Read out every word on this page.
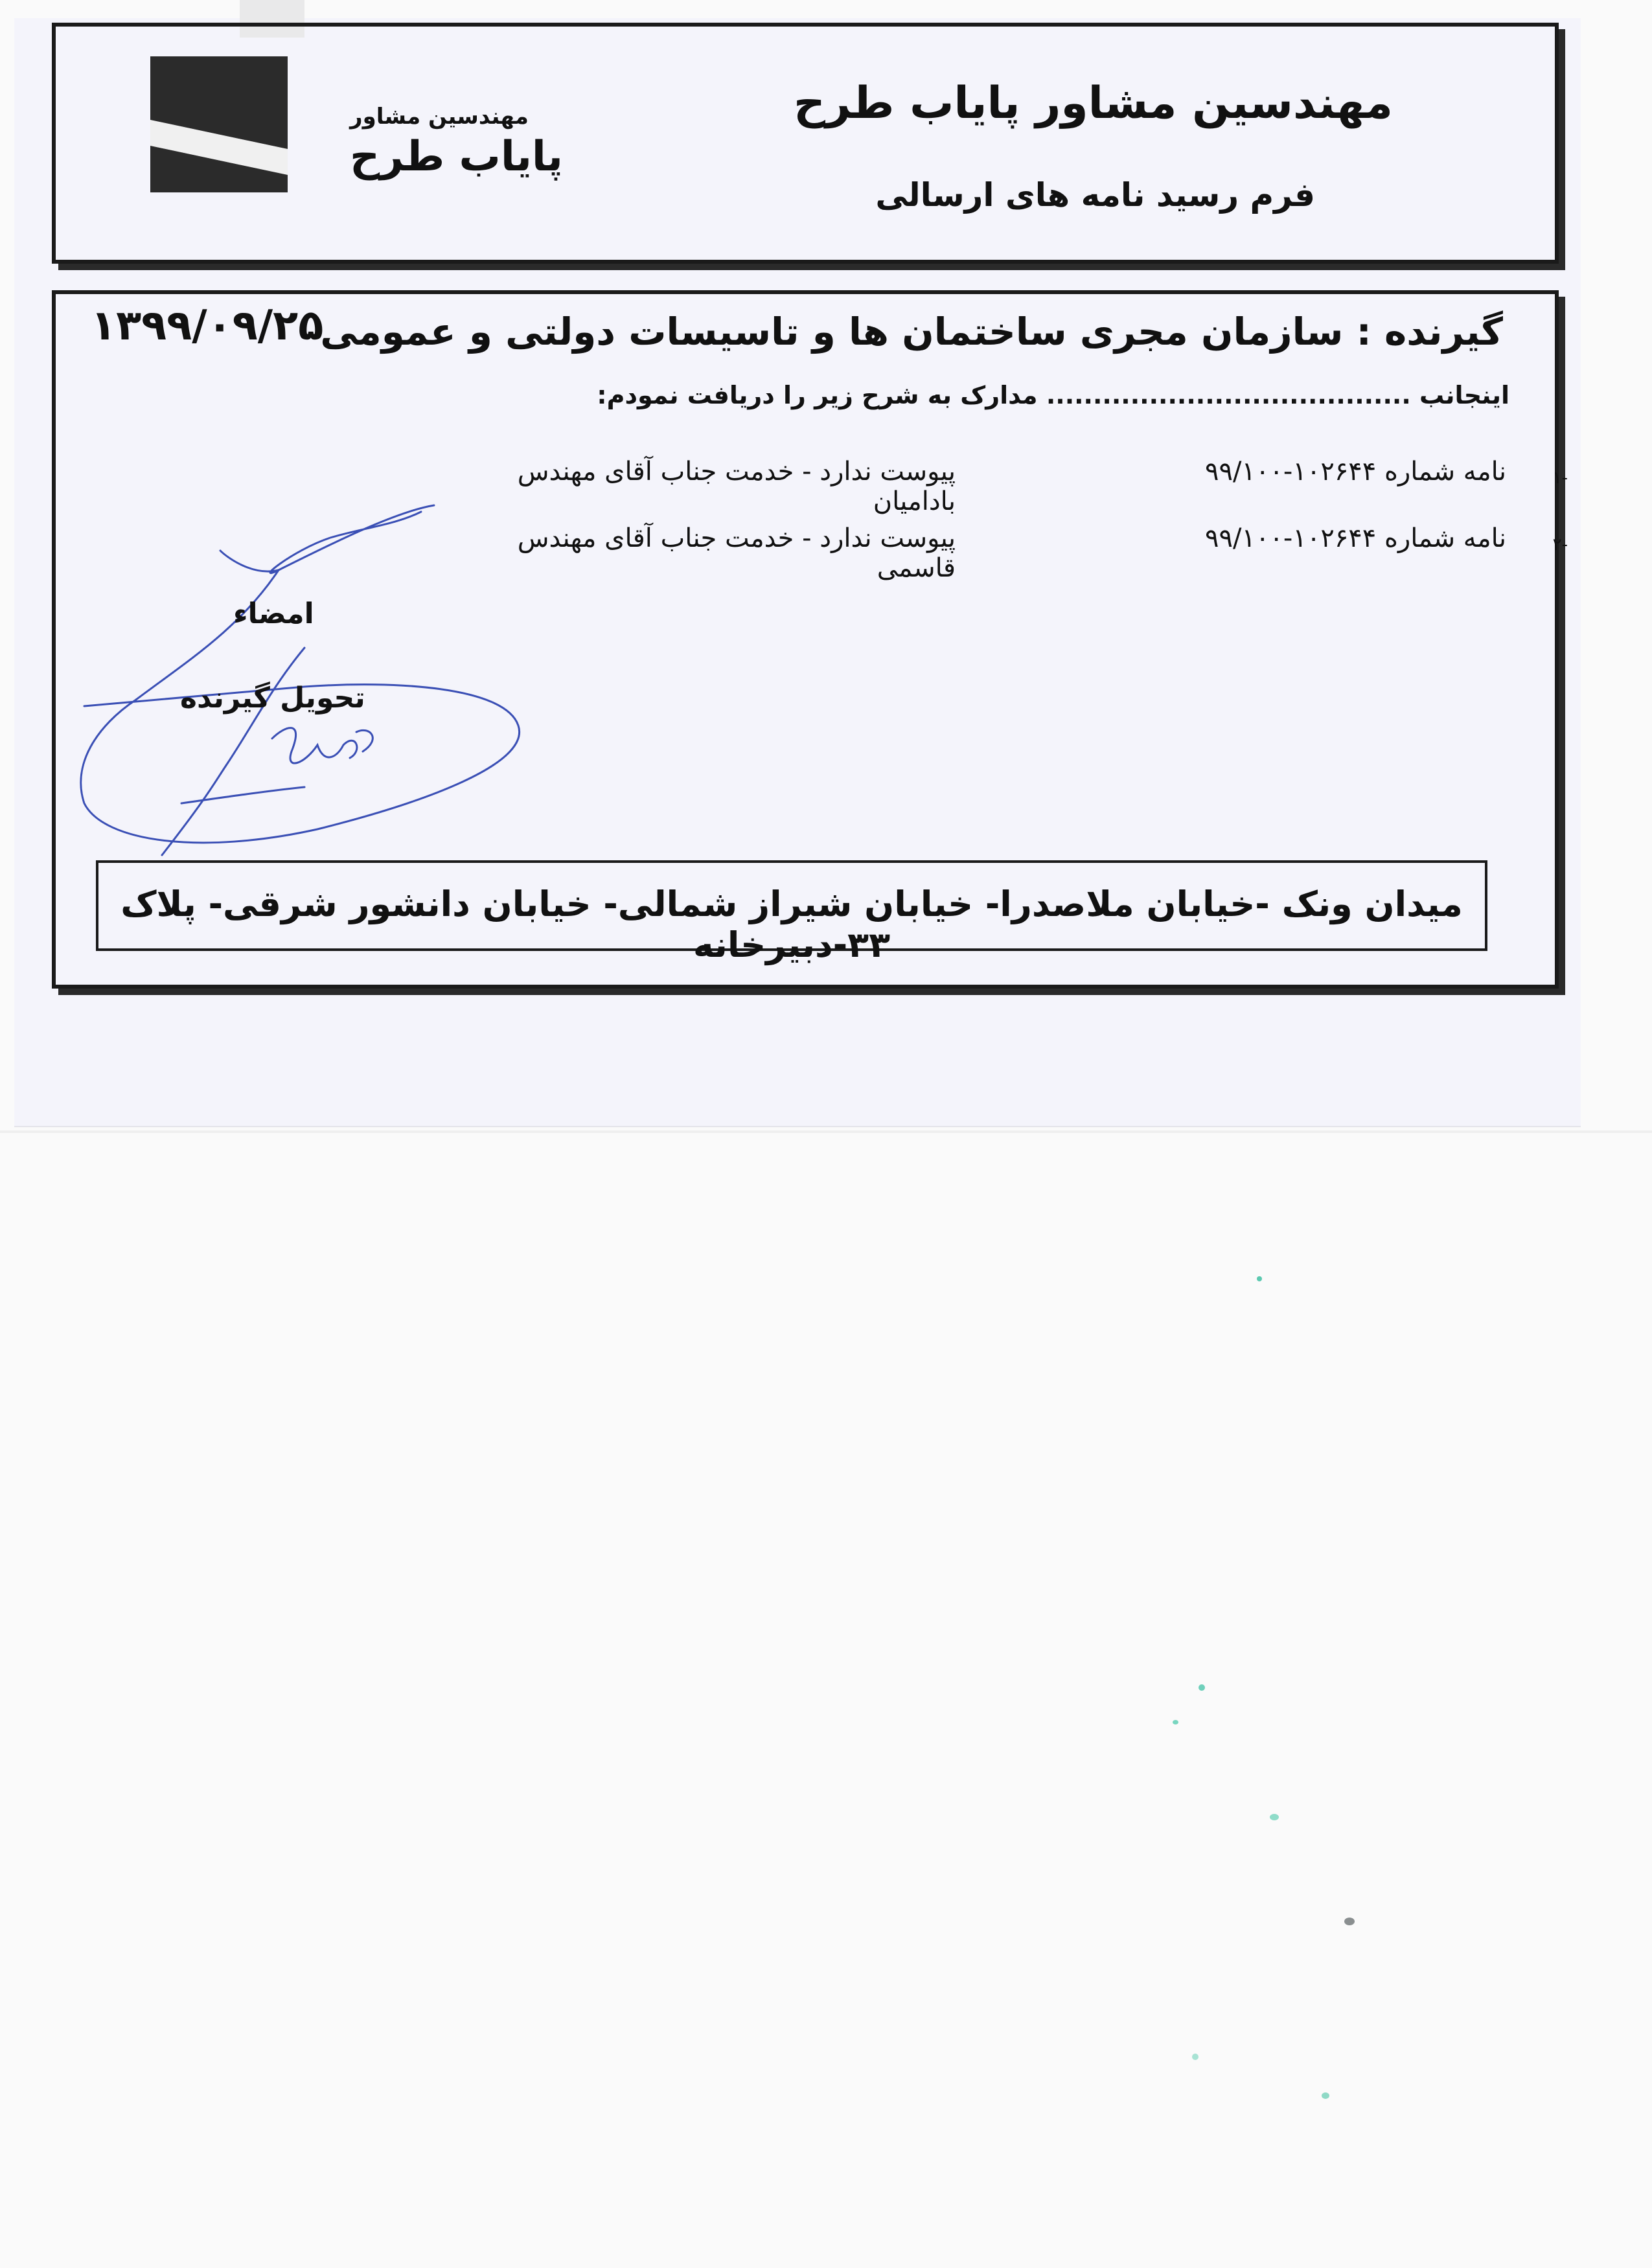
مهندسین مشاور
پایاب طرح
مهندسین مشاور پایاب طرح
فرم رسید نامه های ارسالی
۱۳۹۹/۰۹/۲۵
گیرنده : سازمان مجری ساختمان ها و تاسیسات دولتی و عمومی
اینجانب ....................................... مدارک به شرح زیر را دریافت نمودم:
-۱
نامه شماره ۱۰۲۶۴۴-۹۹/۱۰۰
پیوست ندارد - خدمت جناب آقای مهندس بادامیان
-۲
نامه شماره ۱۰۲۶۴۴-۹۹/۱۰۰
پیوست ندارد - خدمت جناب آقای مهندس قاسمی
امضاء
تحویل گیرنده
میدان ونک -خیابان ملاصدرا- خیابان شیراز شمالی- خیابان دانشور شرقی- پلاک ۳۳-دبیرخانه
